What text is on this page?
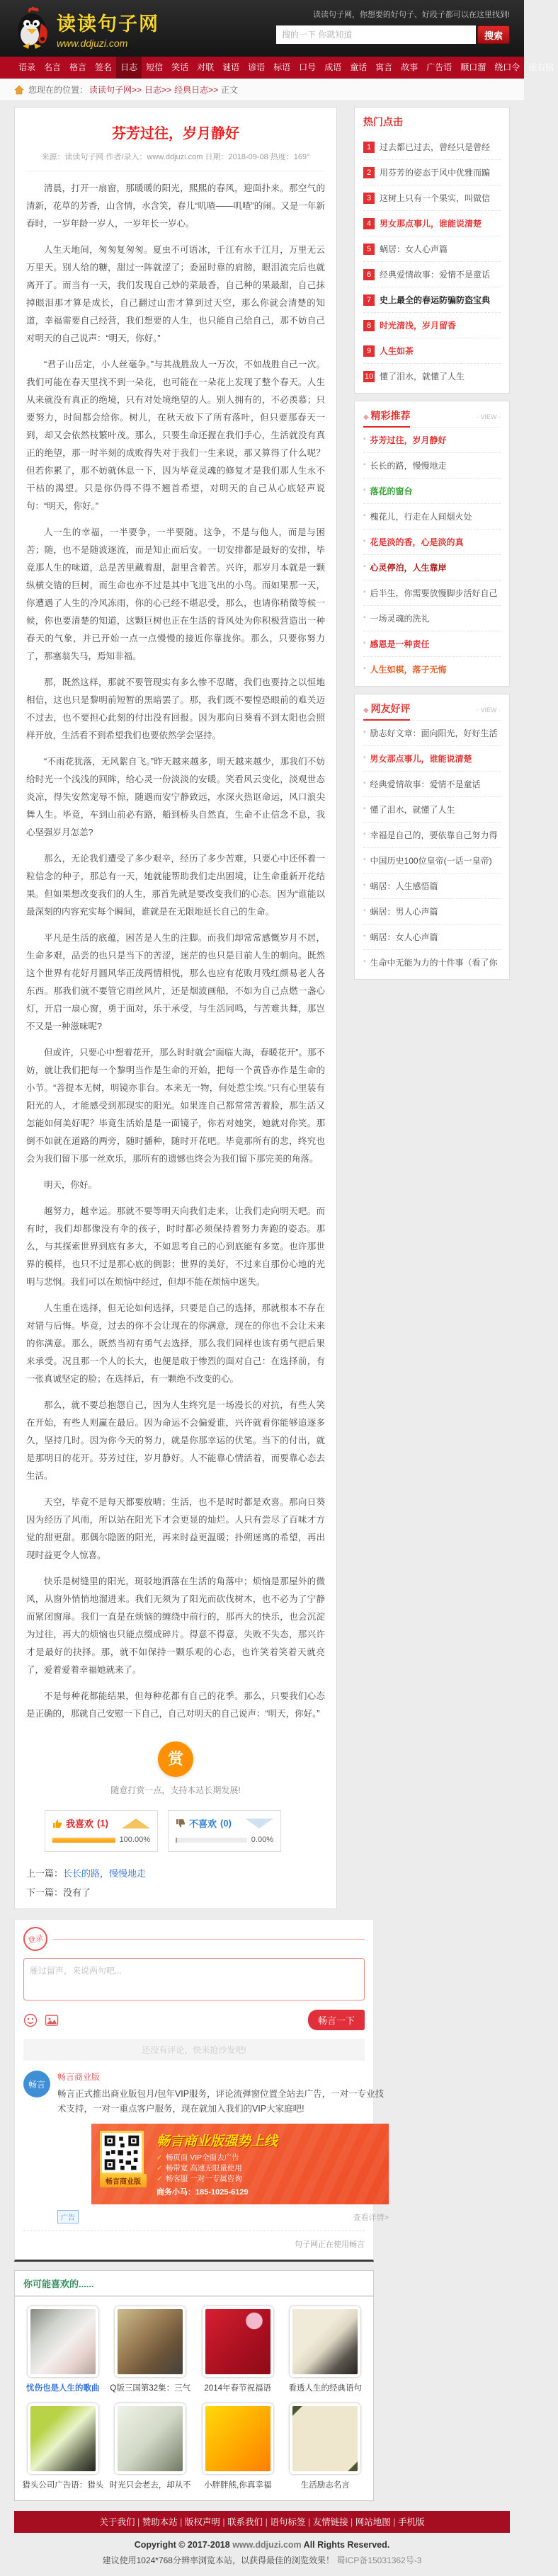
读读句子网
www.ddjuzi.com
读读句子网，你想要的好句子、好段子都可以在这里找到!
搜的一下 你就知道
搜索
语录	名言	格言	签名	日志	短信	笑话	对联	谜语	谚语	标语	口号	成语	童话	寓言	故事	广告语	顺口溜	绕口令	座右铭
您现在的位置： 读读句子网>> 日志>> 经典日志>> 正文
热门点击
1 过去都已过去，曾经只是曾经
2 用芬芳的姿态于风中优雅而蹁
3 这树上只有一个果实，叫做信
4 男女那点事儿，谁能说清楚
5 蜗居：女人心声篇
6 经典爱情故事：爱情不是童话
7 史上最全的春运防骗防盗宝典
8 时光清浅，岁月留香
9 人生如茶
10 懂了泪水，就懂了人生
◆ 精彩推荐	· VIEW ·
▪ 芬芳过往，岁月静好
▪ 长长的路，慢慢地走
▪ 落花的窗台
▪ 槐花儿，行走在人间烟火处
▪ 花是淡的香，心是淡的真
▪ 心灵停泊，人生靠岸
▪ 后半生，你需要放慢脚步活好自己
▪ 一场灵魂的洗礼
▪ 感恩是一种责任
▪ 人生如棋，落子无悔
◆ 网友好评	· VIEW ·
▪ 励志好文章：面向阳光，好好生活
▪ 男女那点事儿，谁能说清楚
▪ 经典爱情故事：爱情不是童话
▪ 懂了泪水，就懂了人生
▪ 幸福是自己的，要依靠自己努力得
▪ 中国历史100位皇帝(一话一皇帝)
▪ 蜗居：人生感悟篇
▪ 蜗居：男人心声篇
▪ 蜗居：女人心声篇
▪ 生命中无能为力的十件事（看了你
芬芳过往，岁月静好
来源：读读句子网 作者/录入：www.ddjuzi.com 日期：2018-09-08 热度：169°

清晨，打开一扇窗，那暖暖的阳光，熙熙的春风，迎面扑来。那空气的清新，花草的芳香，山含情，水含笑，春儿“叽喳——叽喳”的闹。又是一年新春时，一岁年龄一岁人，一岁年长一岁心。

人生天地间，匆匆复匆匆。夏虫不可语冰，千江有水千江月，万里无云万里天。别人给的糖，甜过一阵就涩了；委屈时靠的肩膀，眼泪流完后也就离开了。而当有一天，我们发现自己炒的菜最香，自己种的果最甜，自己抹掉眼泪那才算是成长，自己翻过山峦才算到过天空，那么你就会清楚的知道，幸福需要自己经营，我们想要的人生，也只能自己给自己，那不妨自己对明天的自己说声：“明天，你好。”

“君子山岳定，小人丝毫争。”与其战胜敌人一万次，不如战胜自己一次。我们可能在春天里找不到一朵花，也可能在一朵花上发现了整个春天。人生从来就没有真正的绝境，只有对处境绝望的人。别人拥有的，不必羡慕；只要努力，时间都会给你。树儿，在秋天放下了所有落叶，但只要那春天一到，却又会依然枝繁叶茂。那么，只要生命还握在我们手心，生活就没有真正的绝望，那一时半刻的成败得失对于我们一生来说，那又算得了什么呢？但若你累了，那不妨就休息一下，因为毕竟灵魂的修复才是我们那人生永不干枯的渴望。只是你仍得不得不翘首希望，对明天的自己从心底轻声说句：“明天，你好。”

人一生的幸福，一半要争，一半要随。这争，不是与他人，而是与困苦；随，也不是随波逐流，而是知止而后安。一切安排都是最好的安排，毕竟那人生的味道，总是苦里藏着甜，甜里含着苦。兴许，那岁月本就是一颗纵横交错的巨树，而生命也亦不过是其中飞进飞出的小鸟。而如果那一天，你遭遇了人生的冷风冻雨，你的心已经不堪忍受，那么，也请你稍微等候一候，你也要清楚的知道，这颗巨树也正在生活的背风处为你积极营造出一种春天的气象，并已开始一点一点慢慢的接近你靠拢你。那么，只要你努力了，那塞翁失马，焉知非福。

那，既然这样，那就不要管现实有多么惨不忍睹，我们也要持之以恒地相信，这也只是黎明前短暂的黑暗罢了。那，我们既不要惶恐眼前的难关迈不过去，也不要担心此刻的付出没有回报。因为那向日葵看不到太阳也会照样开放，生活看不到希望我们也要依然学会坚持。

“不雨花犹落，无风絮自飞。”昨天越来越多，明天越来越少，那我们不妨给时光一个浅浅的回眸，给心灵一份淡淡的安暖。笑看风云变化，淡观世态炎凉，得失安然宠辱不惊，随遇而安宁静致远，水深火热讴命运，风口浪尖舞人生。毕竟，车到山前必有路，船到桥头自然直，生命不止信念不息，我心坚强岁月怎恙?

那么，无论我们遭受了多少艰辛，经历了多少苦难，只要心中还怀着一粒信念的种子，那总有一天，她就能帮助我们走出困境，让生命重新开花结果。但如果想改变我们的人生，那首先就是要改变我们的心态。因为“谁能以最深刻的内容充实每个瞬间，谁就是在无限地延长自己的生命。

平凡是生活的底蕴，困苦是人生的注脚。而我们却常常感慨岁月不居，生命多艰，品尝的也只是当下的苦涩，迷茫的也只是目前人生的朝向。既然这个世界有花好月圆风华正茂两情相悦，那么也应有花败月残红颜易老人各东西。那我们就不要管它雨丝风片，还是烟波画船，不如为自己点燃一盏心灯，开启一扇心窗，勇于面对，乐于承受，与生活同鸣，与苦难共舞，那岂不又是一种滋味呢?

但或许，只要心中想着花开，那么时时就会“面临大海，春暖花开”。那不妨，就让我们把每一个黎明当作是生命的开始，把每一个黄昏亦作是生命的小节。“菩提本无树，明镜亦非台。本来无一物，何处惹尘埃。”只有心里装有阳光的人，才能感受到那现实的阳光。如果连自己都常常苦着脸，那生活又怎能如何美好呢？毕竟生活始是是一面镜子，你若对她笑，她就对你笑。那倒不如就在道路的两旁，随时播种，随时开花吧。毕竟那所有的悲，终究也会为我们留下那一丝欢乐，那所有的遗憾也终会为我们留下那完美的角落。

明天，你好。

越努力，越幸运。那就不要等明天向我们走来，让我们走向明天吧。而有时，我们却都像没有伞的孩子，时时都必须保持着努力奔跑的姿态。那么，与其探索世界到底有多大，不如思考自己的心到底能有多宽。也许那世界的模样，也只不过是那心底的倒影；世界的美好，不过来自那份心地的光明与悲悯。我们可以在烦恼中经过，但却不能在烦恼中迷失。

人生重在选择，但无论如何选择，只要是自己的选择，那就根本不存在对错与后悔。毕竟，过去的你不会让现在的你满意，现在的你也不会让未来的你满意。那么，既然当初有勇气去选择，那么我们同样也该有勇气把后果来承受。况且那一个人的长大，也便是敢于惨烈的面对自己：在选择前，有一张真诚坚定的脸；在选择后，有一颗绝不改变的心。

那么，就不要总抱怨自己，因为人生终究是一场漫长的对抗，有些人笑在开始，有些人则赢在最后。因为命运不会偏爱谁，兴许就看你能够追逐多久，坚持几时。因为你今天的努力，就是你那幸运的伏笔。当下的付出，就是那明日的花开。芬芳过往，岁月静好。人不能靠心情活着，而要靠心态去生活。

天空，毕竟不是每天都要放晴；生活，也不是时时都是欢喜。那向日葵因为经历了风雨，所以站在阳光下才会更显的灿烂。人只有尝尽了百味才方觉的甜更甜。那偶尔隐匿的阳光，再来时益更温暖；扑朔迷离的希望，再出现时益更令人惊喜。

快乐是树缝里的阳光，斑驳地洒落在生活的角落中；烦恼是那屋外的微风，从窗外悄悄地溜进来。我们无须为了阳光而砍伐树木，也不必为了宁静而紧闭窗扉。我们一直是在烦恼的缠绕中前行的，那再大的快乐，也会沉淀为过往，再大的烦恼也只能点缀成碎片。得意不得意，失败不失态，那兴许才是最好的抉择。那，就不如保持一颗乐观的心态，也许笑着笑着天就亮了，爱着爱着幸福她就来了。

不是每种花都能结果，但每种花都有自己的花季。那么，只要我们心态是正确的，那就自己安慰一下自己，自己对明天的自己说声：“明天，你好。”

赏
随意打赏一点，支持本站长期发展!
我喜欢 (1)
100.00%
不喜欢 (0)
0.00%
上一篇：长长的路，慢慢地走
下一篇：没有了
登录
雁过留声，来说两句吧...
畅言一下
还没有评论，快来抢沙发吧!
畅言
畅言商业版
畅言正式推出商业版包月/包年VIP服务，评论流弹窗位置全站去广告，一对一专业技术支持，一对一重点客户服务，现在就加入我们的VIP大家庭吧!
畅言商业版
畅言商业版强势上线
✓ 畅页面 VIP全面去广告
✓ 畅带宽 高速无限量使用
✓ 畅客服 一对一专属咨询
商务小马：185-1025-6129
广告	查看详情>
句子网正在使用畅言
你可能喜欢的......
忧伤也是人生的歌曲	Q版三国第32集：三气	2014年春节祝福语	看透人生的经典语句
猎头公司广告语：猎头 时光只会老去，却从不	小胖胖熊,你真幸福	生活励志名言
关于我们 | 赞助本站 | 版权声明 | 联系我们 | 语句标签 | 友情链接 | 网站地图 | 手机版
Copyright © 2017-2018 www.ddjuzi.com All Rights Reserved.
建议使用1024*768分辨率浏览本站，以获得最佳的浏览效果！ 蜀ICP备15031362号-3
